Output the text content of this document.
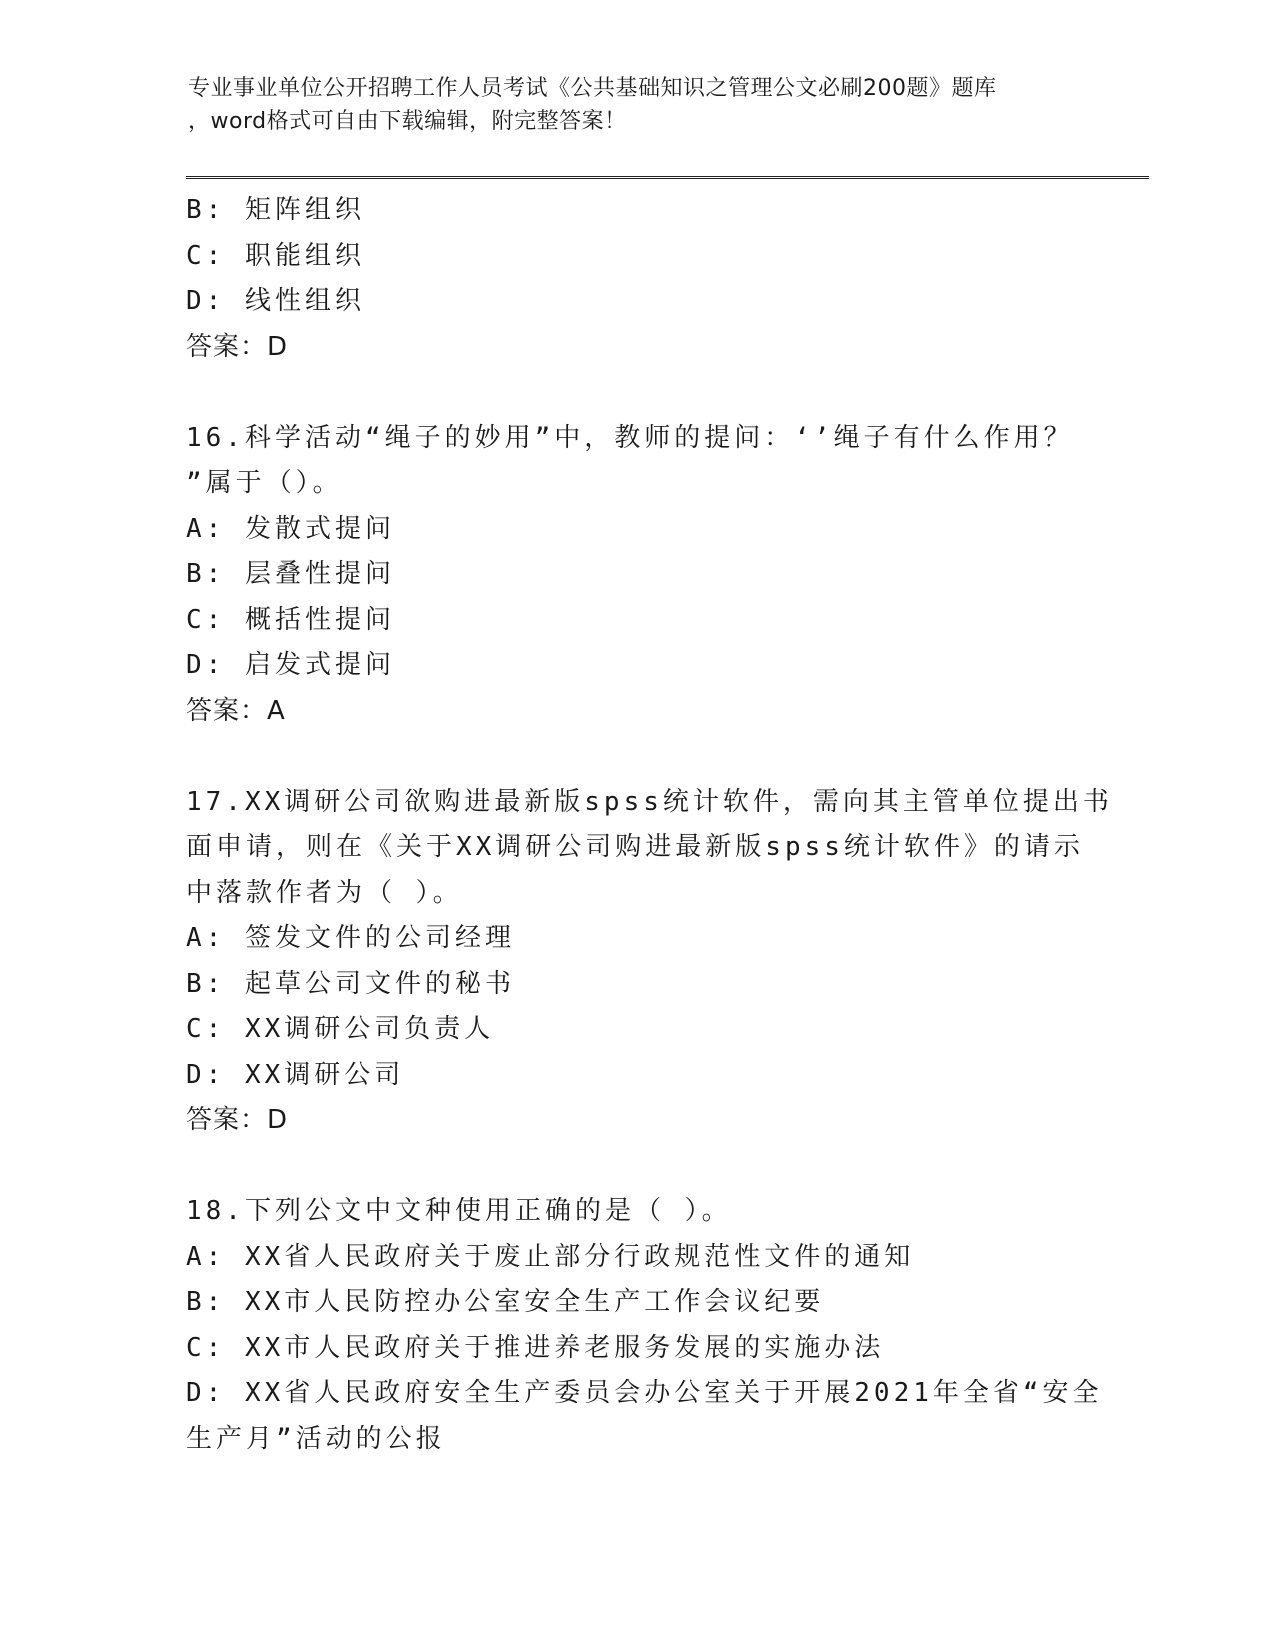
专业事业单位公开招聘工作人员考试《公共基础知识之管理公文必刷200题》题库
，word格式可自由下载编辑，附完整答案！
B: 矩阵组织
C: 职能组织
D: 线性组织
答案：D
16.科学活动“绳子的妙用”中，教师的提问：‘’绳子有什么作用？
”属于（）。
A: 发散式提问
B: 层叠性提问
C: 概括性提问
D: 启发式提问
答案：A
17.XX调研公司欲购进最新版spss统计软件，需向其主管单位提出书
面申请，则在《关于XX调研公司购进最新版spss统计软件》的请示
中落款作者为（ ）。
A: 签发文件的公司经理
B: 起草公司文件的秘书
C: XX调研公司负责人
D: XX调研公司
答案：D
18.下列公文中文种使用正确的是（ ）。
A: XX省人民政府关于废止部分行政规范性文件的通知
B: XX市人民防控办公室安全生产工作会议纪要
C: XX市人民政府关于推进养老服务发展的实施办法
D: XX省人民政府安全生产委员会办公室关于开展2021年全省“安全
生产月”活动的公报
